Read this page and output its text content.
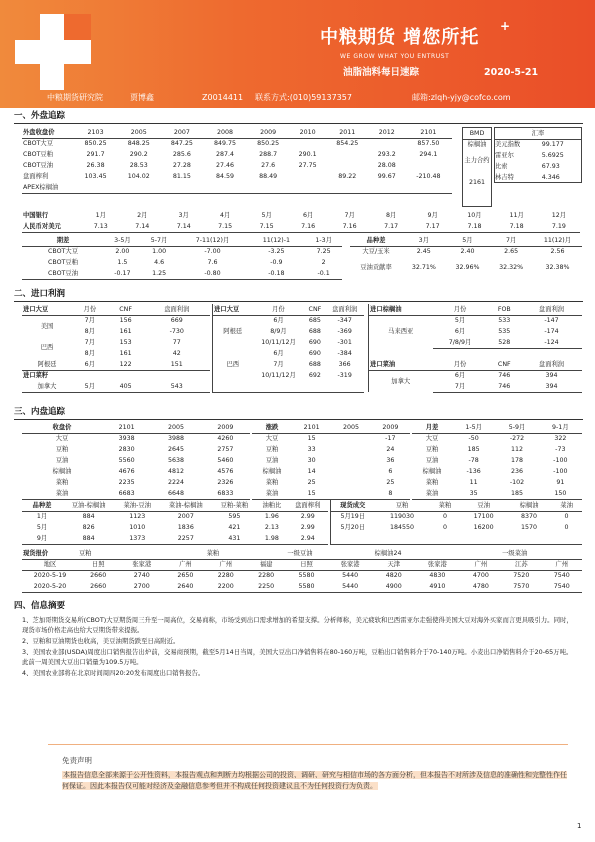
中粮期货 增您所托
+
WE GROW WHAT YOU ENTRUST
油脂油料每日速踪	2020-5-21
中粮期货研究院	贾博鑫	Z0014411 联系方式:(010)59137357	邮箱:zlqh-yjy@cofco.com
一、外盘追踪
外盘收盘价	2103	2005	2007	2008	2009	2010	2011	2012	2101
CBOT大豆	850.25	848.25	847.25	849.75	850.25		854.25		857.50
CBOT豆粕	291.7	290.2	285.6	287.4	288.7	290.1		293.2	294.1
CBOT豆油	26.38	28.53	27.28	27.46	27.6	27.75		28.08	
盘面榨利	103.45	104.02	81.15	84.59	88.49		89.22	99.67	-210.48
APEX棕榈油									
BMD
棕榈油
主力合约
2161
汇率	
美元指数	99.177
雷亚尔	5.6925
比索	67.93
林吉特	4.346
中国银行	1月	2月	3月	4月	5月	6月	7月	8月	9月	10月	11月	12月
人民币对美元	7.13	7.14	7.14	7.15	7.15	7.16	7.16	7.17	7.17	7.18	7.18	7.19
期差	3-5月	5-7月	7-11(12)月	11(12)-1	1-3月
CBOT大豆	2.00	1.00	-7.00	-3.25	7.25
CBOT豆粕	1.5	4.6	7.6	-0.9	2
CBOT豆油	-0.17	1.25	-0.80	-0.18	-0.1
品种差	3月	5月	7月	11(12)月
大豆/玉米	2.45	2.40	2.65	2.56
豆油贡献率	32.71%	32.96%	32.32%	32.38%
二、进口利润
进口大豆	月份	CNF	盘面利润
美国	7月	156	669
	8月	161	-730
巴西	7月	153	77
	8月	161	42
阿根廷	6月	122	151
进口菜籽			
加拿大	5月	405	543
进口大豆	月份	CNF	盘面利润
阿根廷	6月	685	-347
	8/9月	688	-369
	10/11/12月	690	-301
巴西	6月	690	-384
	7月	688	366
	10/11/12月	692	-319

进口棕榈油	月份	FOB	盘面利润
马来西亚	5月	533	-147
	6月	535	-174
	7/8/9月	528	-124

进口菜油	月份	CNF	盘面利润
加拿大	6月	746	394
	7月	746	394
三、内盘追踪
收盘价	2101	2005	2009
大豆	3938	3988	4260
豆粕	2830	2645	2757
豆油	5560	5638	5460
棕榈油	4676	4812	4576
菜粕	2235	2224	2326
菜油	6683	6648	6833
涨跌	2101	2005	2009
大豆	15		-17
豆粕	33		24
豆油	30		36
棕榈油	14		6
菜粕	25		25
菜油	15		8
月差	1-5月	5-9月	9-1月
大豆	-50	-272	322
豆粕	185	112	-73
豆油	-78	178	-100
棕榈油	-136	236	-100
菜粕	11	-102	91
菜油	35	185	150
品种差	豆油-棕榈油	菜油-豆油	菜油-棕榈油	豆粕-菜粕	油粕比	盘面榨利
1月	884	1123	2007	595	1.96	2.99
5月	826	1010	1836	421	2.13	2.99
9月	884	1373	2257	431	1.98	2.94
现货成交	豆粕	菜粕	豆油	棕榈油	菜油
5月19日	119030	0	17100	8370	0
5月20日	184550	0	16200	1570	0

现货报价	豆粕			菜粕		一级豆油		棕榈油24			一级菜油	
地区	日照	张家港	广州	广州	福建	日照	张家港	天津	张家港	广州	江苏	广州
2020-5-19	2660	2740	2650	2280	2280	5580	5440	4820	4830	4700	7520	7540
2020-5-20	2660	2700	2640	2200	2250	5580	5440	4900	4910	4780	7570	7540
四、信息摘要

1、芝加哥期货交易所(CBOT)大豆期货周三升至一周高位，交易商称，市场受到出口需求增加的希望支撑。分析师称，美元疲软和巴西雷亚尔走强使得美国大豆对海外买家而言更具吸引力。同时，现货市场价格走高也给大豆期货带来提振。

2、豆粕和豆油期货也收高，美豆油期货跌至日高附近。

3、美国农业部(USDA)周度出口销售报告出炉前，交易商预期，截至5月14日当周，美国大豆出口净销售料在80-160万吨，豆粕出口销售料介于70-140万吨。小麦出口净销售料介于20-65万吨。此前一周美国大豆出口销量为109.5万吨。

4、美国农业部将在北京时间周四20:20发布周度出口销售报告。

免责声明
本报告信息全部来源于公开性资料，本报告观点和判断力均根据公司的投资、调研、研究与相信市场的各方面分析，但本报告不对所涉及信息的准确性和完整性作任何保证。因此本报告仅可能对经济及金融信息参考但并不构成任何投资建议且不为任何投资行为负责。
1
